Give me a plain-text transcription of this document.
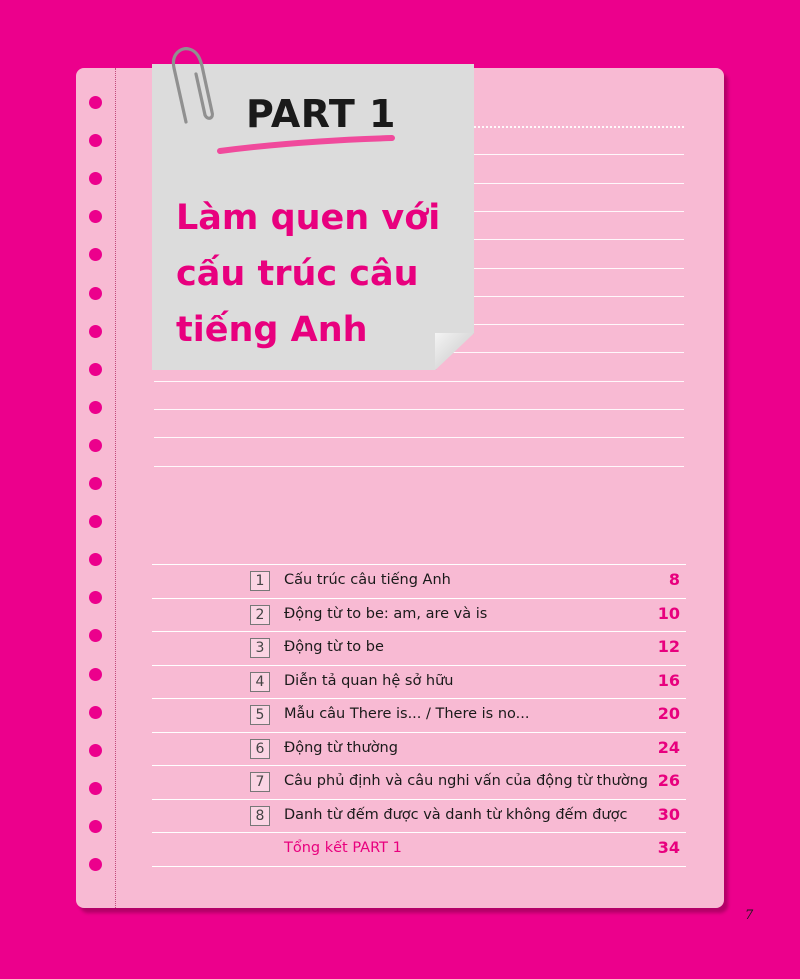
PART 1
Làm quen với
cấu trúc câu
tiếng Anh
1	Cấu trúc câu tiếng Anh	8
2	Động từ to be: am, are và is	10
3	Động từ to be	12
4	Diễn tả quan hệ sở hữu	16
5	Mẫu câu There is... / There is no...	20
6	Động từ thường	24
7	Câu phủ định và câu nghi vấn của động từ thường 26
8	Danh từ đếm được và danh từ không đếm được 30
Tổng kết PART 1	34
7
